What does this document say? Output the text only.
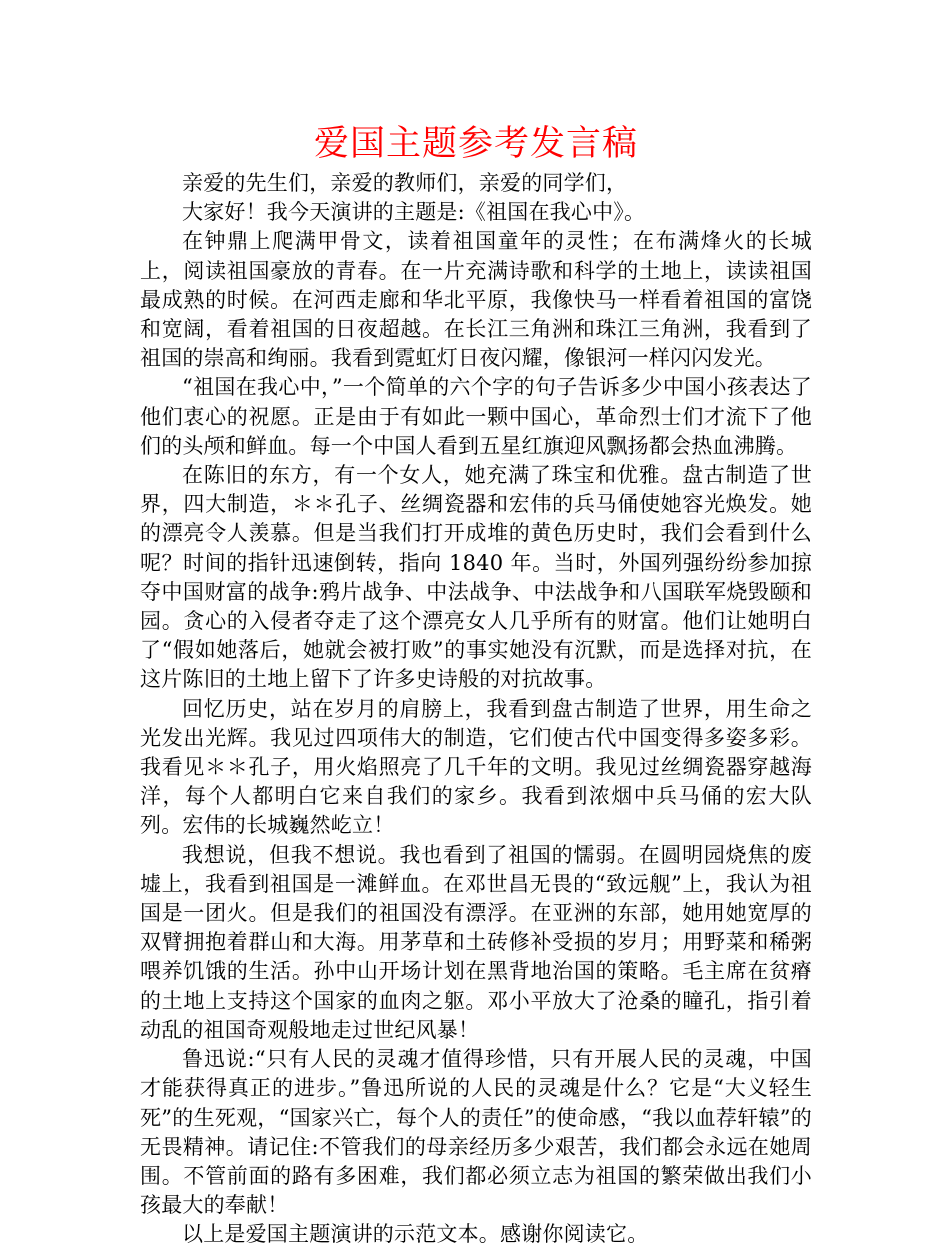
爱国主题参考发言稿

亲爱的先生们，亲爱的教师们，亲爱的同学们，

大家好！我今天演讲的主题是:《祖国在我心中》。

在钟鼎上爬满甲骨文，读着祖国童年的灵性；在布满烽火的长城上，阅读祖国豪放的青春。在一片充满诗歌和科学的土地上，读读祖国最成熟的时候。在河西走廊和华北平原，我像快马一样看着祖国的富饶和宽阔，看着祖国的日夜超越。在长江三角洲和珠江三角洲，我看到了祖国的崇高和绚丽。我看到霓虹灯日夜闪耀，像银河一样闪闪发光。

“祖国在我心中，”一个简单的六个字的句子告诉多少中国小孩表达了他们衷心的祝愿。正是由于有如此一颗中国心，革命烈士们才流下了他们的头颅和鲜血。每一个中国人看到五星红旗迎风飘扬都会热血沸腾。

在陈旧的东方，有一个女人，她充满了珠宝和优雅。盘古制造了世界，四大制造，＊＊孔子、丝绸瓷器和宏伟的兵马俑使她容光焕发。她的漂亮令人羡慕。但是当我们打开成堆的黄色历史时，我们会看到什么呢？时间的指针迅速倒转，指向 1840 年。当时，外国列强纷纷参加掠夺中国财富的战争:鸦片战争、中法战争、中法战争和八国联军烧毁颐和园。贪心的入侵者夺走了这个漂亮女人几乎所有的财富。他们让她明白了“假如她落后，她就会被打败”的事实她没有沉默，而是选择对抗，在这片陈旧的土地上留下了许多史诗般的对抗故事。

回忆历史，站在岁月的肩膀上，我看到盘古制造了世界，用生命之光发出光辉。我见过四项伟大的制造，它们使古代中国变得多姿多彩。我看见＊＊孔子，用火焰照亮了几千年的文明。我见过丝绸瓷器穿越海洋，每个人都明白它来自我们的家乡。我看到浓烟中兵马俑的宏大队列。宏伟的长城巍然屹立！

我想说，但我不想说。我也看到了祖国的懦弱。在圆明园烧焦的废墟上，我看到祖国是一滩鲜血。在邓世昌无畏的“致远舰”上，我认为祖国是一团火。但是我们的祖国没有漂浮。在亚洲的东部，她用她宽厚的双臂拥抱着群山和大海。用茅草和土砖修补受损的岁月；用野菜和稀粥喂养饥饿的生活。孙中山开场计划在黑背地治国的策略。毛主席在贫瘠的土地上支持这个国家的血肉之躯。邓小平放大了沧桑的瞳孔，指引着动乱的祖国奇观般地走过世纪风暴！

鲁迅说:“只有人民的灵魂才值得珍惜，只有开展人民的灵魂，中国才能获得真正的进步。”鲁迅所说的人民的灵魂是什么？它是“大义轻生死”的生死观，“国家兴亡，每个人的责任”的使命感，“我以血荐轩辕”的无畏精神。请记住:不管我们的母亲经历多少艰苦，我们都会永远在她周围。不管前面的路有多困难，我们都必须立志为祖国的繁荣做出我们小孩最大的奉献！

以上是爱国主题演讲的示范文本。感谢你阅读它。
